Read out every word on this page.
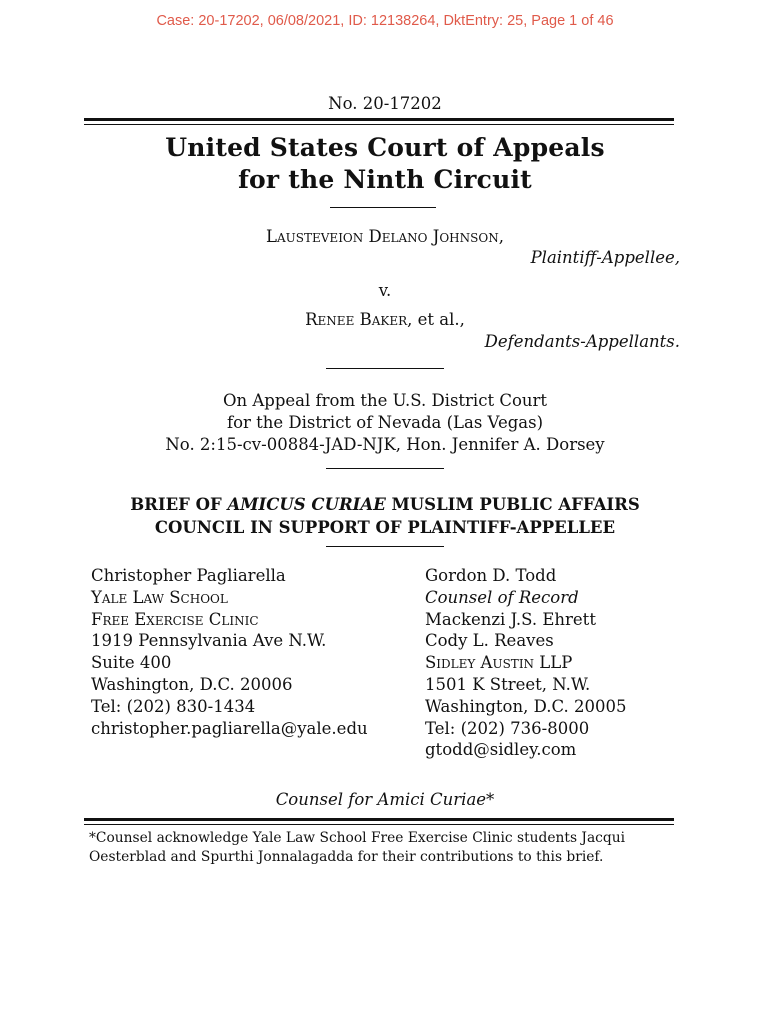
Case: 20-17202, 06/08/2021, ID: 12138264, DktEntry: 25, Page 1 of 46
No. 20-17202
United States Court of Appeals
for the Ninth Circuit
Lausteveion Delano Johnson,
Plaintiff-Appellee,
v.
Renee Baker, et al.,
Defendants-Appellants.
On Appeal from the U.S. District Court
for the District of Nevada (Las Vegas)
No. 2:15-cv-00884-JAD-NJK, Hon. Jennifer A. Dorsey
BRIEF OF AMICUS CURIAE MUSLIM PUBLIC AFFAIRS
COUNCIL IN SUPPORT OF PLAINTIFF-APPELLEE
Christopher Pagliarella
Yale Law School
Free Exercise Clinic
1919 Pennsylvania Ave N.W.
Suite 400
Washington, D.C. 20006
Tel: (202) 830-1434
christopher.pagliarella@yale.edu
Gordon D. Todd
Counsel of Record
Mackenzi J.S. Ehrett
Cody L. Reaves
Sidley Austin LLP
1501 K Street, N.W.
Washington, D.C. 20005
Tel: (202) 736-8000
gtodd@sidley.com
Counsel for Amici Curiae*
*Counsel acknowledge Yale Law School Free Exercise Clinic students Jacqui Oesterblad and Spurthi Jonnalagadda for their contributions to this brief.
